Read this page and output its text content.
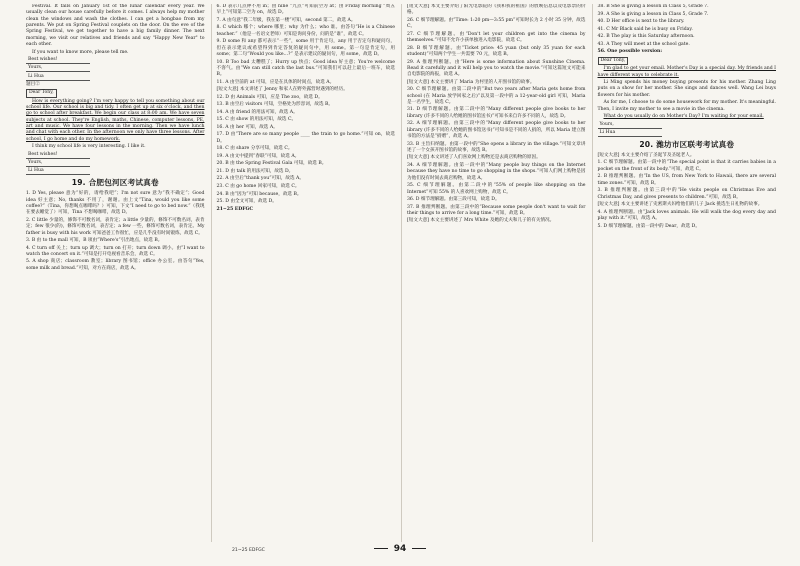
Festival. It falls on January 1st of the lunar calendar every year. We usually clean our house carefully before it comes. I always help my mother clean the windows and wash the clothes. I can get a hongbao from my parents. We put on Spring Festival couplets on the door. On the eve of the Spring Festival, we get together to have a big family dinner. The next morning, we visit our relatives and friends and say "Happy New Year" to each other.

If you want to know more, please tell me.

Best wishes!

Yours,

Li Hua

题目②

Dear Tony,

How is everything going? I'm very happy to tell you something about our school life. Our school is big and tidy. I often get up at six o'clock, and then go to school after breakfast. We begin our class at 8:00 am. We have seven subjects at school. They're English, maths, Chinese, computer lessons, PE, art and music. We have four lessons in the morning. Then we have lunch and chat with each other. In the afternoon we only have three lessons. After school, I go home and do my homework.

I think my school life is very interesting. I like it.

Best wishes!

Yours,

Li Hua

19. 合肥包河区考试真卷

1. D Yes, please 意为“好的，请给我吧”；I'm not sure 意为“我不确定”；Good idea 好主意；No, thanks 不用了，谢谢。由上文“Tina, would you like some coffee?”（Tina，你想喝点咖啡吗？）可知，下文“I need to go to bed now.”（我现在要去睡觉了）可知，Tina 不想喝咖啡，故选 D。

2. C little 少量的，修饰不可数名词，表肯定；a little 少量的，修饰不可数名词，表肯定；few 很少(的)，修饰可数名词，表否定；a few 一些，修饰可数名词，表肯定。My father is busy with his work 可知爸爸工作很忙，应是几乎没有时间锻炼，故选 C。

3. B 由 to the mall 可知，B 项由“Where's”引出地点，故选 B。

4. C turn off 关上；turn up 调大；turn on 打开；turn down 调小。由“I want to watch the concert on it.”可知是打开电视看音乐会，故选 C。

5. A shop 商店；classroom 教室；library 图书馆；office 办公室。由答句“Yes, some milk and bread.”可知，对方在商店，故选 A。

6. D 表示几点钟不用 in；由 nine “九点”可知前空为 at；由 Friday morning “周五早上”可知第二空为 on，故选 D。

7. A 由句意“我二年级，我在第一楼”可知，second 第二，故选 A。

8. C which 哪个；where 哪里；why 为什么；who 谁。由答句“He is a Chinese teacher.”（他是一名语文老师）可知是询问身份，问的是“谁”，故选 C。

9. D some 和 any 都可表示“一些”，some 用于肯定句，any 用于否定句和疑问句，但在表示建议或希望得到肯定答复的疑问句中，用 some。第一句是肯定句，用 some；第二句“Would you like...?” 是表示建议的疑问句，用 some，故选 D。

10. B Too bad 太糟糕了；Hurry up 快点；Good idea 好主意；You're welcome 不客气。由“We can still catch the last bus.”可知我们可以赶上最后一班车，故选 B。

11. A 由空前的 at 可知，应是在具体的时间点，故选 A。

[短文大意] 本文讲述了 Jenny 和家人在野外露营时遇到的经历。

12. D 由 Animals 可知，应是 The zoo，故选 D。

13. B 由空后 visitors 可知，空格处为形容词，故选 B。

14. A 由 friend 的用法可知，故选 A。

15. C 由 show 的用法可知，故选 C。

16. A 由 her 可知，故选 A。

17. D 由“There are so many people ____ the train to go home.”可知 on，故选 D。

18. C 由 share 分享可知，故选 C。

19. A 由文中提到“春联”可知，故选 A。

20. B 由 the Spring Festival Gala 可知，故选 B。

21. D 由 talk 的用法可知，故选 D。

22. A 由空后“thank you”可知，故选 A。

23. C 由 go home 回家可知，故选 C。

24. B 由“因为”可知 because，故选 B。

25. D 由全文可知，故选 D。

21~25 EDFGC

[短文大意] 本文主要介绍了阳光电影院的《我和我的祖国》的放映信息以及电影票的价格。

26. C 细节理解题。由“Time: 1:20 pm—3:55 pm”可知时长为 2 小时 35 分钟，故选 C。

27. C 细节理解题。由“Don't let your children get into the cinema by themselves.”可知不允许小孩单独进入电影院，故选 C。

28. B 细节理解题。由“Ticket price: 45 yuan (but only 35 yuan for each student)”可知两个学生一共需要 70 元，故选 B。

29. A 推理判断题。由“Here is some information about Sunshine Cinema. Read it carefully and it will help you to watch the movie.”可知这篇短文可能来自电影院的海报，故选 A。

[短文大意] 本文主要讲了 Maria 为村里的人开图书馆的故事。

30. C 细节理解题。由第二段中的“But two years after Maria gets home from school (在 Maria 放学回家之后)”以及第一段中的 a 12-year-old girl 可知，Maria 是一名学生，故选 C。

31. D 细节理解题。由第二段中的“Many different people give books to her library (许多不同的人给她的图书馆送书)”可知书来自许多不同的人，故选 D。

32. A 细节理解题。由第三段中的“Many different people give books to her library (许多不同的人给她的图书馆送书)”可知书是不同的人捐的，所以 Maria 建立图书馆的方法是“捐赠”，故选 A。

33. B 主旨归纳题。由第一段中的“She opens a library in the village.”可知文章讲述了一个女孩开图书馆的故事，故选 B。

[短文大意] 本文讲述了人们喜欢网上购物还是去商店购物的原因。

34. A 细节理解题。由第一段中的“Many people buy things on the Internet because they have no time to go shopping in the shops.”可知人们网上购物是因为他们没有时间去商店购物，故选 A。

35. C 细节理解题。由第二段中的“55% of people like shopping on the Internet”可知 55% 的人喜欢网上购物，故选 C。

36. D 细节理解题。由第三段可知，故选 D。

37. B 推理判断题。由第三段中的“Because some people don't want to wait for their things to arrive for a long time.”可知，故选 B。

[短文大意] 本文主要讲述了 Mrs White 及她的丈夫和儿子的有关情况。

38. B She is giving a lesson in Class 5, Grade 7.

39. A She is giving a lesson in Class 5, Grade 7.

40. D Her office is next to the library.

41. C Mr Black said he is busy on Friday.

42. B The play is this Saturday afternoon.

43. A They will meet at the school gate.

56. One possible version:

Dear Tony,

I'm glad to get your email. Mother's Day is a special day. My friends and I have different ways to celebrate it.

Li Ming spends his money buying presents for his mother. Zhang Ling puts on a show for her mother. She sings and dances well. Wang Lei buys flowers for his mother.

As for me, I choose to do some housework for my mother. It's meaningful. Then, I invite my mother to see a movie in the cinema.

What do you usually do on Mother's Day? I'm waiting for your email.

Yours,

Li Hua

20. 潍坊市区联考考试真卷

[短文大意] 本文主要介绍了圣诞节及圣诞老人。

1. C 细节理解题。由第一段中的“The special point is that it carries babies in a pocket on the front of its body.”可知，故选 C。

2. B 推理判断题。由“In the US, from New York to Hawaii, there are several time zones.”可知，故选 B。

3. B 推理判断题。由第三段中的“He visits people on Christmas Eve and Christmas Day, and gives presents to children.”可知，故选 B。

[短文大意] 本文主要讲述了史密斯夫妇给他们的儿子 Jack 挑选生日礼物的故事。

4. A 推理判断题。由“Jack loves animals. He will walk the dog every day and play with it.”可知，故选 A。

5. D 细节理解题。由第一段中的 Dear，故选 D。

21~25 EDFGC	94
